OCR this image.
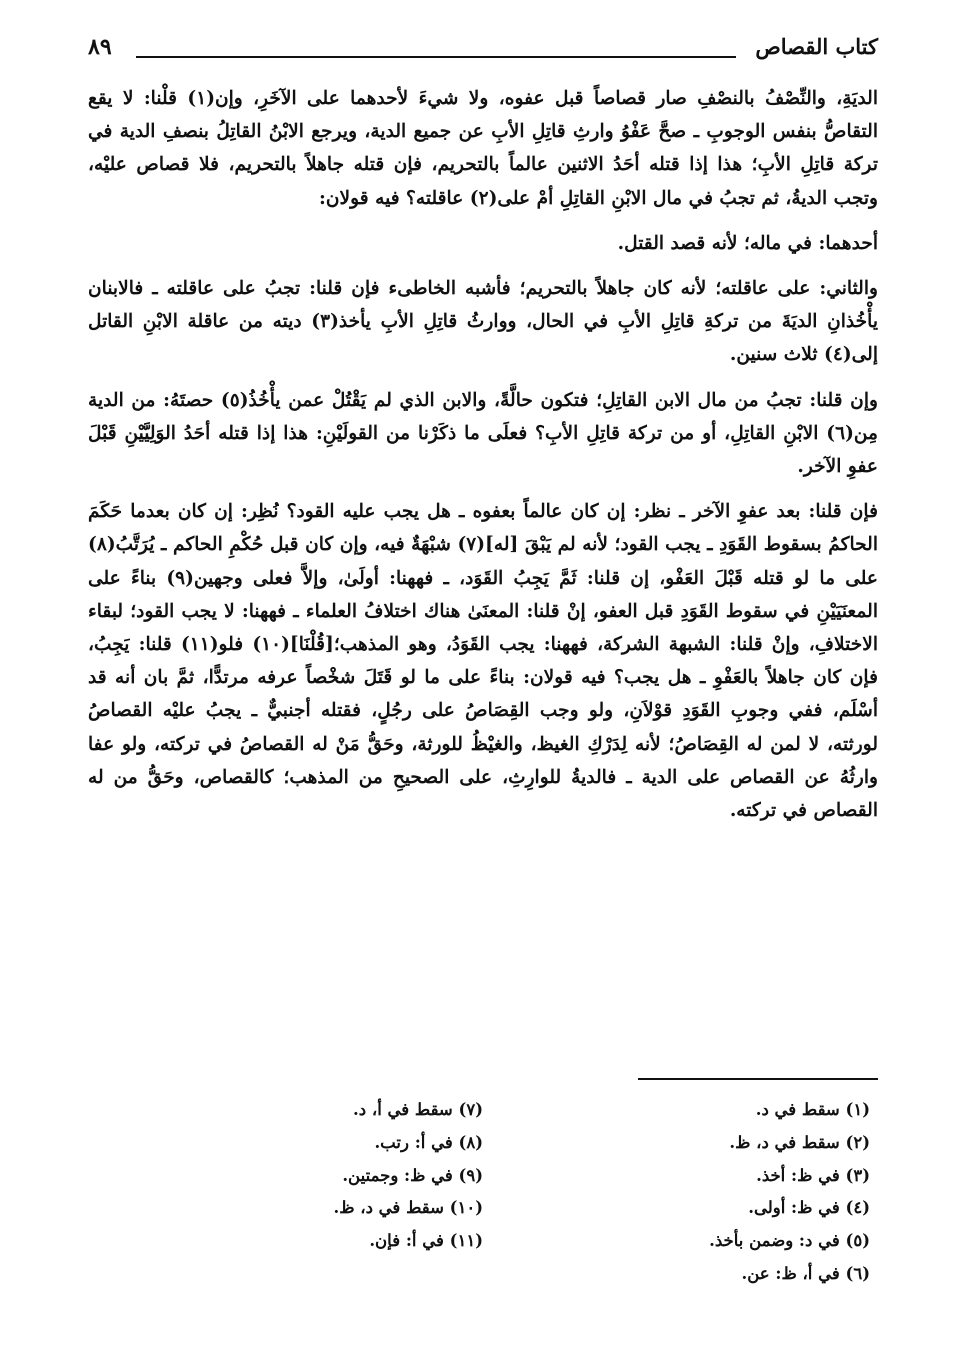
٨٩	كتاب القصاص

الديَةِ، والنِّصْفُ بالنصْفِ صار قصاصاً قبل عفوه، ولا شيءَ لأحدهما على الآخَرِ، وإن(١) قلْنا: لا يقع التقاصُّ بنفس الوجوبِ ـ صحَّ عَفْوُ وارثِ قاتِلِ الأبِ عن جميع الدية، ويرجع الابْنُ القاتِلُ بنصفِ الدية في تركة قاتِلِ الأبِ؛ هذا إذا قتله أحَدُ الاثنين عالماً بالتحريم، فإن قتله جاهلاً بالتحريم، فلا قصاص عليْه، وتجب الديةُ، ثم تجبُ في مال الابْنِ القاتِلِ أمْ على(٢) عاقلته؟ فيه قولان:

أحدهما: في ماله؛ لأنه قصد القتل.

والثاني: على عاقلته؛ لأنه كان جاهلاً بالتحريم؛ فأشبه الخاطىء فإن قلنا: تجبُ على عاقلته ـ فالابنان يأْخُذانِ الديَةَ من تركةِ قاتِلِ الأبِ في الحال، ووارثُ قاتِلِ الأبِ يأخذ(٣) ديته من عاقلة الابْنِ القاتل إلى(٤) ثلاث سنين.

وإن قلنا: تجبُ من مال الابن القاتِلِ؛ فتكون حالَّةً، والابن الذي لم يَقْتُلْ عمن يأْخُذُ(٥) حصتَهُ: من الدية مِن(٦) الابْنِ القاتِلِ، أو من تركة قاتِلِ الأبِ؟ فعلَى ما ذكَرْنا من القولَيْنِ: هذا إذا قتله أحَدُ الوَلِيَّيْنِ قَبْلَ عفوِ الآخر.

فإن قلنا: بعد عفوِ الآخر ـ نظر: إن كان عالماً بعفوه ـ هل يجب عليه القود؟ نُظِر: إن كان بعدما حَكَمَ الحاكمُ بسقوط القَوَدِ ـ يجب القود؛ لأنه لم يَبْقَ [له](٧) شبْهَةٌ فيه، وإن كان قبل حُكْمِ الحاكم ـ يُرَتَّبُ(٨) على ما لو قتله قَبْلَ العَفْو، إن قلنا: ثَمَّ يَجِبُ القَوَد، ـ فههنا: أولَىٰ، وإلاَّ فعلى وجهين(٩) بناءً على المعنَيَيْنِ في سقوط القَوَدِ قبل العفو، إنْ قلنا: المعنَىٰ هناك اختلافُ العلماء ـ فههنا: لا يجب القود؛ لبقاء الاختلافِ، وإنْ قلنا: الشبهة الشركة، فههنا: يجب القَوَدُ، وهو المذهب؛[قُلْنَا](١٠) فلو(١١) قلنا: يَجِبُ، فإن كان جاهلاً بالعَفْوِ ـ هل يجب؟ فيه قولان: بناءً على ما لو قَتَلَ شخْصاً عرفه مرتدًّا، ثمَّ بان أنه قد أسْلَم، ففي وجوبِ القَوَدِ قوْلاَنِ، ولو وجب القِصَاصُ على رجُلٍ، فقتله أجنبيٌّ ـ يجبُ عليْه القصاصُ لورثته، لا لمن له القِصَاصُ؛ لأنه لِدَرْكِ الغيظ، والغيْظُ للورثة، وحَقُّ مَنْ له القصاصُ في تركته، ولو عفا وارثُهُ عن القصاص على الدية ـ فالديةُ للوارِثِ، على الصحيحِ من المذهب؛ كالقصاص، وحَقُّ من له القصاص في تركته.

(١) سقط في د.
(٢) سقط في د، ظ.
(٣) في ظ: أخذ.
(٤) في ظ: أولى.
(٥) في د: وضمن بأخذ.
(٦) في أ، ظ: عن.
(٧) سقط في أ، د.
(٨) في أ: رتب.
(٩) في ظ: وجمتين.
(١٠) سقط في د، ظ.
(١١) في أ: فإن.
